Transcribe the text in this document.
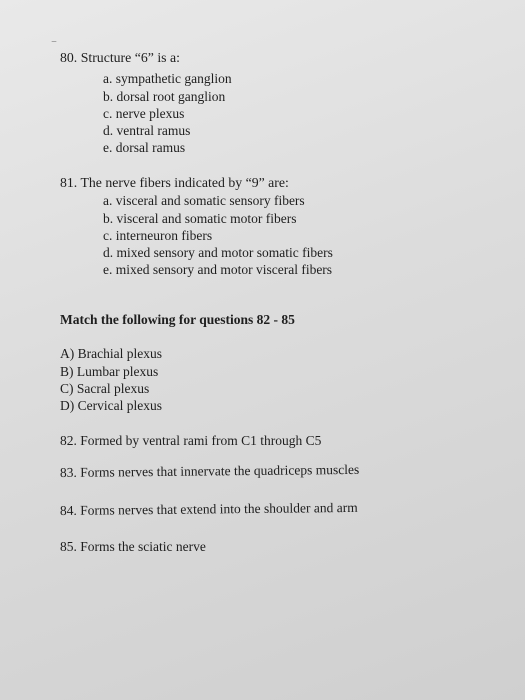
‾
80. Structure “6” is a:
a. sympathetic ganglion
b. dorsal root ganglion
c. nerve plexus
d. ventral ramus
e. dorsal ramus
81. The nerve fibers indicated by “9” are:
a. visceral and somatic sensory fibers
b. visceral and somatic motor fibers
c. interneuron fibers
d. mixed sensory and motor somatic fibers
e. mixed sensory and motor visceral fibers
Match the following for questions 82 - 85
A) Brachial plexus
B) Lumbar plexus
C) Sacral plexus
D) Cervical plexus
82. Formed by ventral rami from C1 through C5
83. Forms nerves that innervate the quadriceps muscles
84. Forms nerves that extend into the shoulder and arm
85. Forms the sciatic nerve
